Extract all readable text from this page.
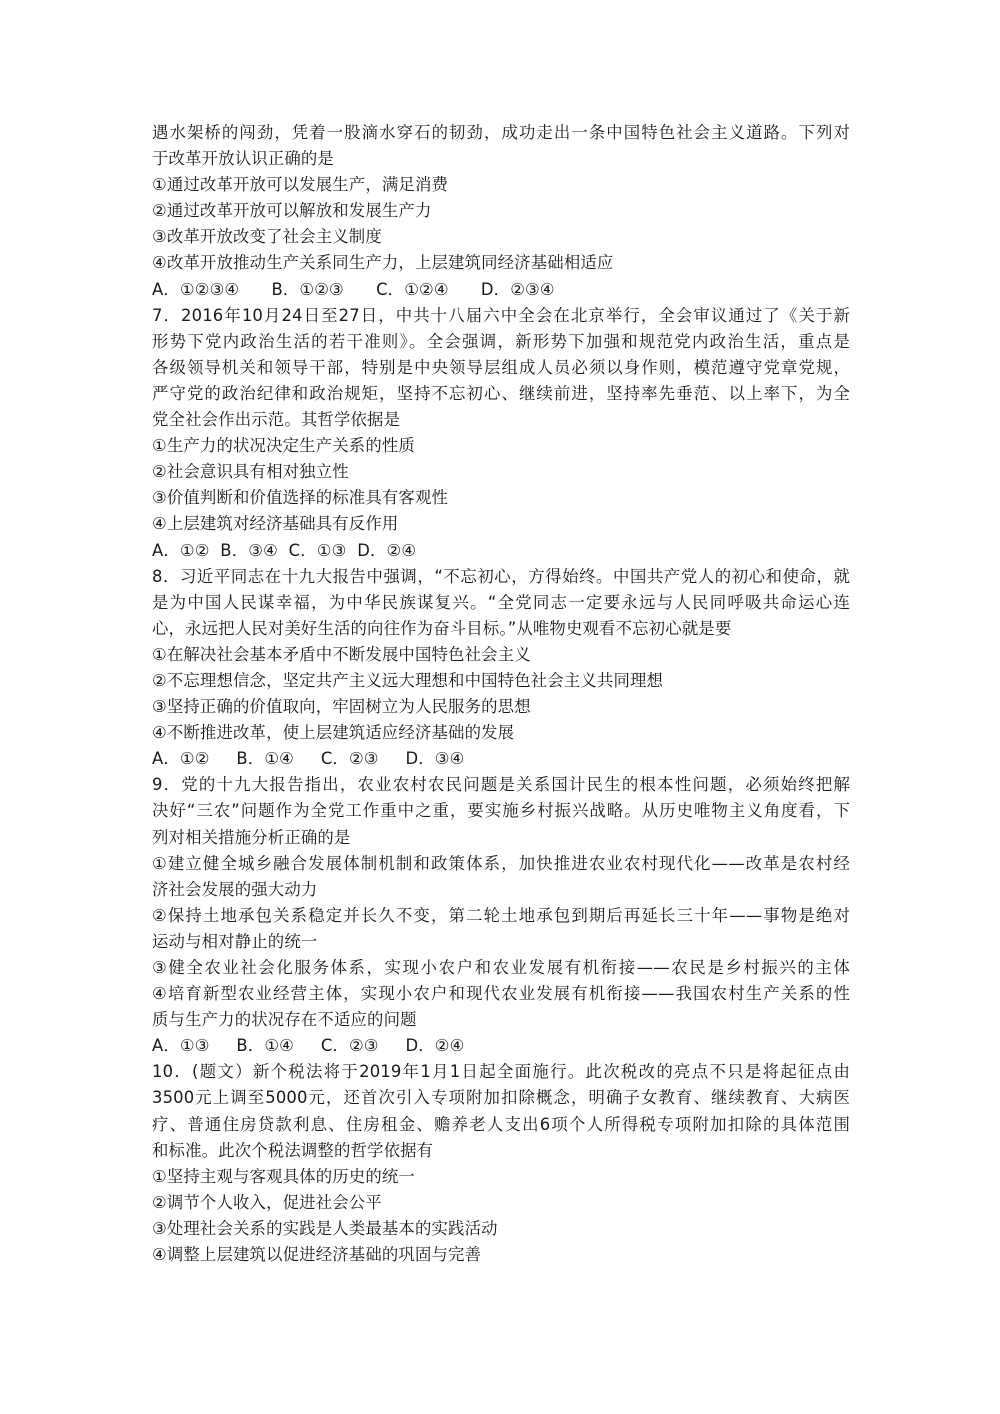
遇水架桥的闯劲，凭着一股滴水穿石的韧劲，成功走出一条中国特色社会主义道路。下列对
于改革开放认识正确的是
①通过改革开放可以发展生产，满足消费
②通过改革开放可以解放和发展生产力
③改革开放改变了社会主义制度
④改革开放推动生产关系同生产力，上层建筑同经济基础相适应
A．①②③④      B．①②③      C．①②④      D．②③④
7．2016年10月24日至27日，中共十八届六中全会在北京举行，全会审议通过了《关于新
形势下党内政治生活的若干准则》。全会强调，新形势下加强和规范党内政治生活，重点是
各级领导机关和领导干部，特别是中央领导层组成人员必须以身作则，模范遵守党章党规，
严守党的政治纪律和政治规矩，坚持不忘初心、继续前进，坚持率先垂范、以上率下，为全
党全社会作出示范。其哲学依据是
①生产力的状况决定生产关系的性质
②社会意识具有相对独立性
③价值判断和价值选择的标准具有客观性
④上层建筑对经济基础具有反作用
A．①②  B．③④  C．①③  D．②④
8．习近平同志在十九大报告中强调，“不忘初心，方得始终。中国共产党人的初心和使命，就
是为中国人民谋幸福，为中华民族谋复兴。“全党同志一定要永远与人民同呼吸共命运心连
心，永远把人民对美好生活的向往作为奋斗目标。”从唯物史观看不忘初心就是要
①在解决社会基本矛盾中不断发展中国特色社会主义
②不忘理想信念，坚定共产主义远大理想和中国特色社会主义共同理想
③坚持正确的价值取向，牢固树立为人民服务的思想
④不断推进改革，使上层建筑适应经济基础的发展
A．①②     B．①④     C．②③     D．③④
9．党的十九大报告指出，农业农村农民问题是关系国计民生的根本性问题，必须始终把解
决好“三农”问题作为全党工作重中之重，要实施乡村振兴战略。从历史唯物主义角度看，下
列对相关措施分析正确的是
①建立健全城乡融合发展体制机制和政策体系，加快推进农业农村现代化——改革是农村经
济社会发展的强大动力
②保持土地承包关系稳定并长久不变，第二轮土地承包到期后再延长三十年——事物是绝对
运动与相对静止的统一
③健全农业社会化服务体系，实现小农户和农业发展有机衔接——农民是乡村振兴的主体
④培育新型农业经营主体，实现小农户和现代农业发展有机衔接——我国农村生产关系的性
质与生产力的状况存在不适应的问题
A．①③     B．①④     C．②③     D．②④
10．(题文）新个税法将于2019年1月1日起全面施行。此次税改的亮点不只是将起征点由
3500元上调至5000元，还首次引入专项附加扣除概念，明确子女教育、继续教育、大病医
疗、普通住房贷款利息、住房租金、赡养老人支出6项个人所得税专项附加扣除的具体范围
和标准。此次个税法调整的哲学依据有
①坚持主观与客观具体的历史的统一
②调节个人收入，促进社会公平
③处理社会关系的实践是人类最基本的实践活动
④调整上层建筑以促进经济基础的巩固与完善
